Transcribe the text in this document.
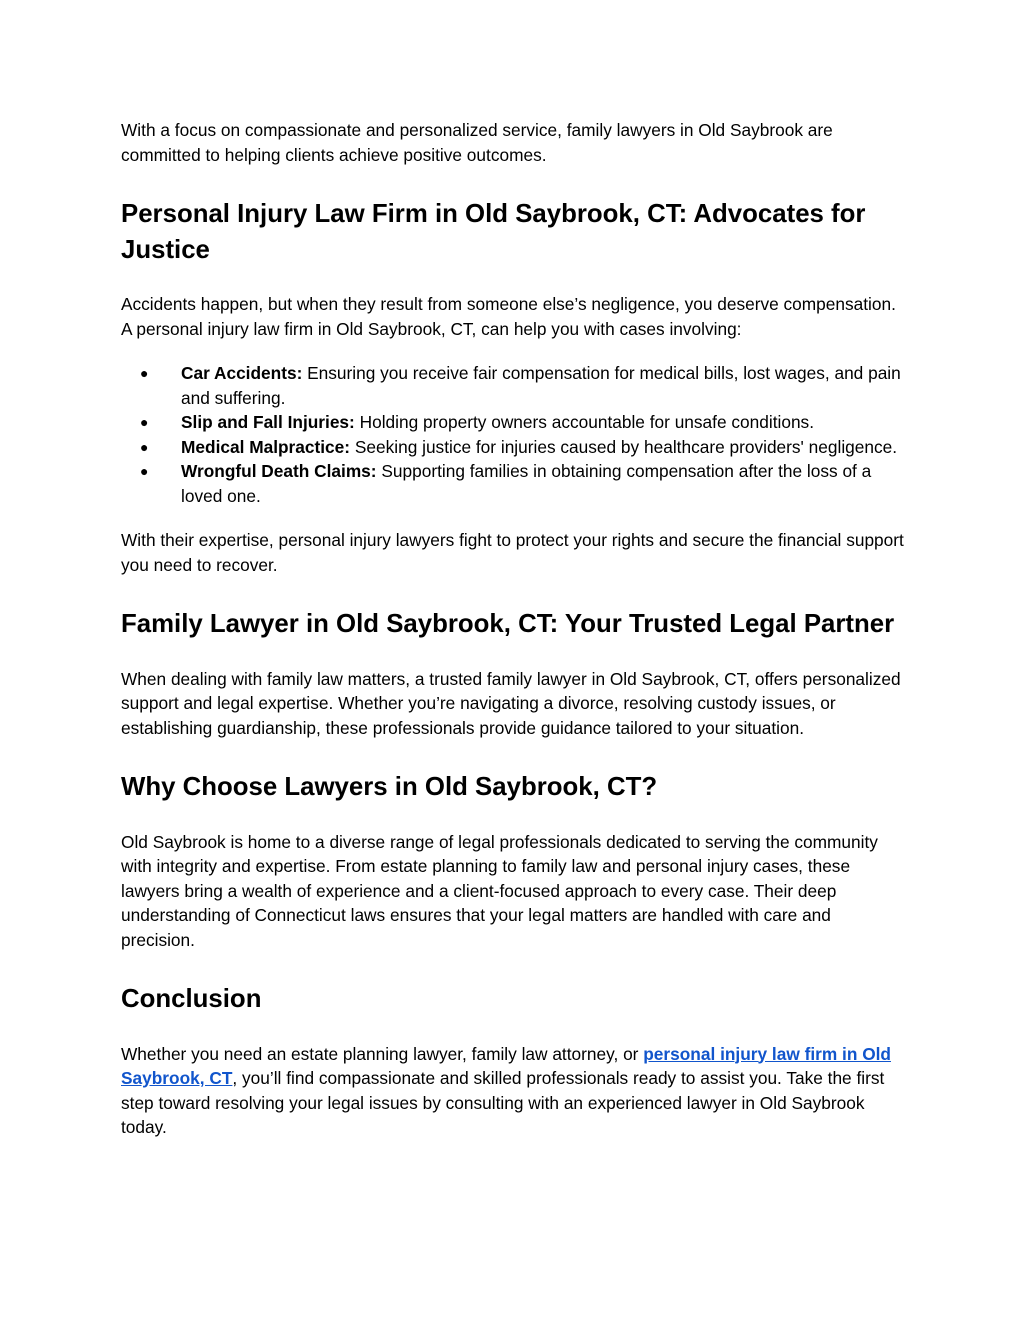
With a focus on compassionate and personalized service, family lawyers in Old Saybrook are committed to helping clients achieve positive outcomes.

Personal Injury Law Firm in Old Saybrook, CT: Advocates for Justice

Accidents happen, but when they result from someone else’s negligence, you deserve compensation. A personal injury law firm in Old Saybrook, CT, can help you with cases involving:

● Car Accidents: Ensuring you receive fair compensation for medical bills, lost wages, and pain and suffering.
● Slip and Fall Injuries: Holding property owners accountable for unsafe conditions.
● Medical Malpractice: Seeking justice for injuries caused by healthcare providers' negligence.
● Wrongful Death Claims: Supporting families in obtaining compensation after the loss of a loved one.

With their expertise, personal injury lawyers fight to protect your rights and secure the financial support you need to recover.

Family Lawyer in Old Saybrook, CT: Your Trusted Legal Partner

When dealing with family law matters, a trusted family lawyer in Old Saybrook, CT, offers personalized support and legal expertise. Whether you’re navigating a divorce, resolving custody issues, or establishing guardianship, these professionals provide guidance tailored to your situation.

Why Choose Lawyers in Old Saybrook, CT?

Old Saybrook is home to a diverse range of legal professionals dedicated to serving the community with integrity and expertise. From estate planning to family law and personal injury cases, these lawyers bring a wealth of experience and a client-focused approach to every case. Their deep understanding of Connecticut laws ensures that your legal matters are handled with care and precision.

Conclusion

Whether you need an estate planning lawyer, family law attorney, or personal injury law firm in Old Saybrook, CT, you’ll find compassionate and skilled professionals ready to assist you. Take the first step toward resolving your legal issues by consulting with an experienced lawyer in Old Saybrook today.
